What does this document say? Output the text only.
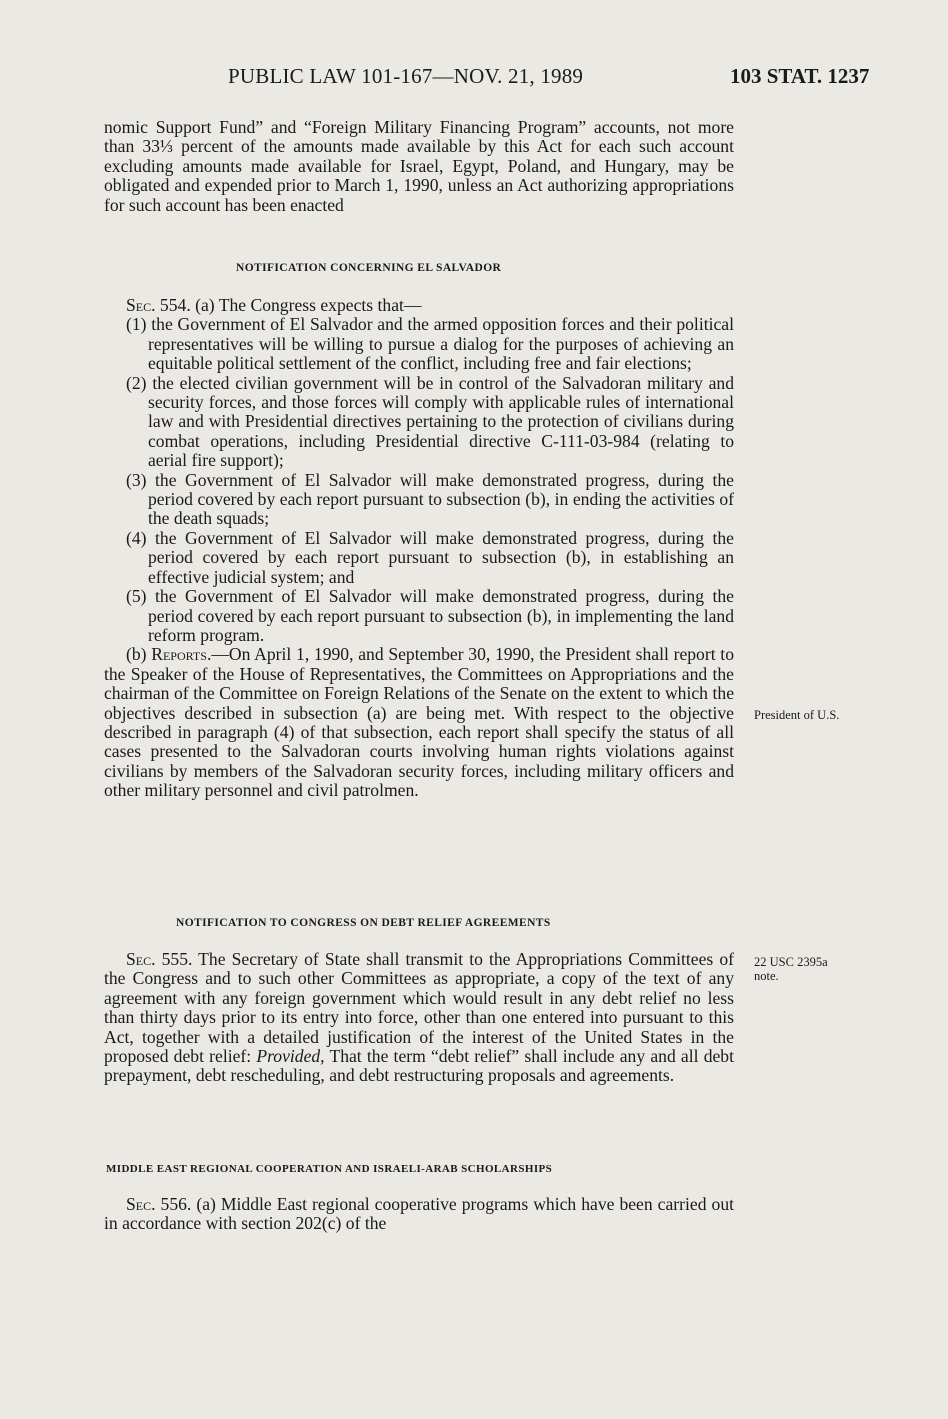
PUBLIC LAW 101-167—NOV. 21, 1989	103 STAT. 1237

nomic Support Fund” and “Foreign Military Financing Program” accounts, not more than 33⅓ percent of the amounts made available by this Act for each such account excluding amounts made available for Israel, Egypt, Poland, and Hungary, may be obligated and expended prior to March 1, 1990, unless an Act authorizing appropriations for such account has been enacted

NOTIFICATION CONCERNING EL SALVADOR

Sec. 554. (a) The Congress expects that—

(1) the Government of El Salvador and the armed opposition forces and their political representatives will be willing to pursue a dialog for the purposes of achieving an equitable political settlement of the conflict, including free and fair elections;

(2) the elected civilian government will be in control of the Salvadoran military and security forces, and those forces will comply with applicable rules of international law and with Presidential directives pertaining to the protection of civilians during combat operations, including Presidential directive C-111-03-984 (relating to aerial fire support);

(3) the Government of El Salvador will make demonstrated progress, during the period covered by each report pursuant to subsection (b), in ending the activities of the death squads;

(4) the Government of El Salvador will make demonstrated progress, during the period covered by each report pursuant to subsection (b), in establishing an effective judicial system; and

(5) the Government of El Salvador will make demonstrated progress, during the period covered by each report pursuant to subsection (b), in implementing the land reform program.

(b) Reports.—On April 1, 1990, and September 30, 1990, the President shall report to the Speaker of the House of Representatives, the Committees on Appropriations and the chairman of the Committee on Foreign Relations of the Senate on the extent to which the objectives described in subsection (a) are being met. With respect to the objective described in paragraph (4) of that subsection, each report shall specify the status of all cases presented to the Salvadoran courts involving human rights violations against civilians by members of the Salvadoran security forces, including military officers and other military personnel and civil patrolmen.

President of U.S.
NOTIFICATION TO CONGRESS ON DEBT RELIEF AGREEMENTS

Sec. 555. The Secretary of State shall transmit to the Appropriations Committees of the Congress and to such other Committees as appropriate, a copy of the text of any agreement with any foreign government which would result in any debt relief no less than thirty days prior to its entry into force, other than one entered into pursuant to this Act, together with a detailed justification of the interest of the United States in the proposed debt relief: Provided, That the term “debt relief” shall include any and all debt prepayment, debt rescheduling, and debt restructuring proposals and agreements.

22 USC 2395a
note.
MIDDLE EAST REGIONAL COOPERATION AND ISRAELI-ARAB SCHOLARSHIPS

Sec. 556. (a) Middle East regional cooperative programs which have been carried out in accordance with section 202(c) of the
